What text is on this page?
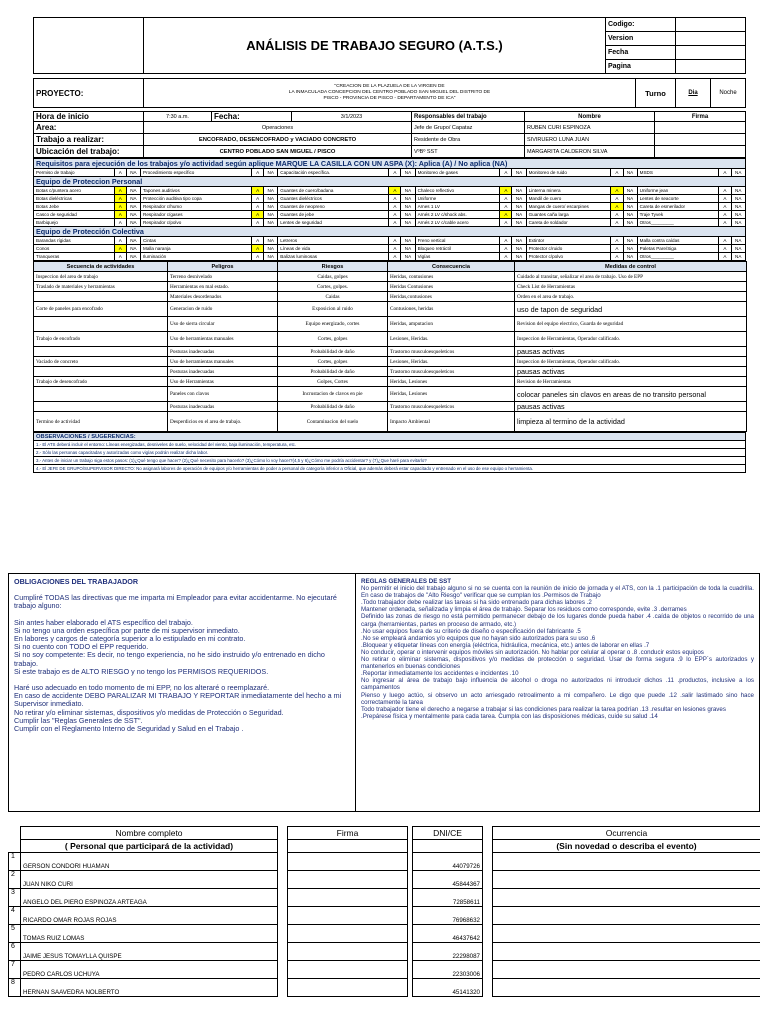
	ANÁLISIS DE TRABAJO SEGURO (A.T.S.)	Codigo:	
		Version	
		Fecha	
		Pagina	
PROYECTO:	
"CREACION DE LA PLAZUELA DE LA VIRGEN DE
LA INMACULADA CONCEPCION DEL CENTRO POBLADO SAN MIGUEL DEL DISTRITO DE
PISCO - PROVINCIA DE PISCO - DEPARTAMENTO DE ICA"
	Turno	Dia	Noche
Hora de inicio	7:30 a.m.	Fecha:	3/1/2023	Responsables del trabajo	Nombre	Firma
Area:	Operaciones			Jefe de Grupo/ Capataz	RUBEN CURI ESPINOZA	
Trabajo a realizar:	ENCOFRADO, DESENCOFRADO y VACIADO CONCRETO			Residente de Obra	SIVIRUERO LUNA JUAN	
Ubicación del trabajo:	CENTRO POBLADO SAN MIGUEL / PISCO			VºBº SST	MARGARITA CALDERON SILVA	
Requisitos para ejecución de los trabajos y/o actividad según aplique MARQUE LA CASILLA CON UN ASPA (X): Aplica (A) / No aplica (NA)																	
Permiso de trabajo	A	NA	Procedimiento específico	A	NA	Capacitación específica.	A	NA	Monitoreo de gases	A	NA	Monitoreo de ruido	A	NA	MSDS	A	NA
Equipo de Proteccion Personal																	
Botas c/puntera acero	A	NA	Tapones auditivos	A	NA	Guantes de cuero/badana	A	NA	Chaleco reflectivo	A	NA	Linterna minera	A	NA	Uniforme jean	A	NA
Botas dieléctricas	A	NA	Protección auditiva tipo copa	A	NA	Guantes dieléctricos	A	NA	Uniforme	A	NA	Mandil de cuero	A	NA	Lentes de seacorte	A	NA
Botas Jebe	A	NA	Respirador c/humo	A	NA	Guantes de neopreno	A	NA	Arnes 1 LV	A	NA	Mangas de cuero/ escarpines	A	NA	Careta de esmerilador	A	NA
Casco de seguridad	A	NA	Respirador c/gases	A	NA	Guantes de jebe	A	NA	Arnés 2 LV c/shock abs.	A	NA	Guantes caña larga	A	NA	Traje Tyvek	A	NA
Barbiquejo	A	NA	Respirador c/polvo	A	NA	Lentes de seguridad	A	NA	Arnés 2 LV c/cable acero	A	NA	Careta de soldador	A	NA	Otros_________	A	NA
Equipo de Protección Colectiva																	
Barandas rígidas	A	NA	Cintas	A	NA	Letreros	A	NA	Freno vertical	A	NA	Extintor	A	NA	Malla contra caídas	A	NA
Conos	A	NA	Malla naranja	A	NA	Líneas de vida	A	NA	Bloqueo retráctil	A	NA	Protector c/ruido	A	NA	Paletas Pare/Siga	A	NA
Tranqueras	A	NA	Iluminación	A	NA	Balizas luminosas	A	NA	Vigías	A	NA	Protector c/polvo	A	NA	Otros_________	A	NA
Secuencia de actividades	Peligros	Riesgos	Consecuencia	Medidas de control
Inspeccion del area de trabajo	Terreno desnivelado	Caidas, golpes	Heridas, contusiones	Cuidado al transitar, señalizar el area de trabajo. Uso de EPP
Traslado de materiales y herramientas	Herramientas en mal estado.	Cortes, golpes.	Heridas Contusiones	Check List de Herramientas
	Materiales desordenados	Caidas	Heridas,contusiones	Orden en el area de trabajo.
Corte de paneles para encofrado	Generacion de ruido	Exposicion al ruido	Contusiones, heridas	uso de tapon de seguridad
	Uso de sierra circular	Equipo energizado, cortes	Heridas, amputacion	Revision del equipo electrico, Guarda de seguridad
Trabajo de encofrado	Uso de herramientas manuales	Cortes, golpes	Lesiones, Heridas.	Inspeccion de Herramientas, Operador calificado.
	Posturas inadecuadas	Probabilidad de daño	Trastorno musculoesqueleticos	pausas activas
Vaciado de concreto	Uso de herramientas manuales	Cortes, golpes	Lesiones, Heridas.	Inspeccion de Herramientas, Operador calificado.
	Posturas inadecuadas	Probabilidad de daño	Trastorno musculoesqueleticos	pausas activas
Trabajo de desencofrado	Uso de Herramientas	Golpes, Cortes	Heridas, Lesiones	Revision de Herramientas
	Paneles con clavos	Incrustacion de clavos en pie	Heridas, Lesiones	colocar paneles sin clavos en areas de no transito personal
	Posturas inadecuadas	Probabilidad de daño	Trastorno musculoesqueleticos	pausas activas
Termino de actividad	Desperdicios en el area de trabajo.	Contaminacion del suelo	Impacto Ambiental	limpieza al termino de la actividad
OBSERVACIONES / SUGERENCIAS:
1.- El ATS deberá incluir el entorno: Líneas energizadas, desniveles de suelo, velocidad del viento, baja iluminación, temperatura, etc.
2.- Sólo las personas capacitadas y autorizadas como vigías podrán realizar dicha labor.
3.- Antes de iniciar un trabajo siga estos pasos: (1)¿Qué tengo que hacer? (2)¿Qué necesito para hacerlo? (3)¿Cómo lo voy hacer?(4,5 y 6)¿Cómo me podría accidentar? y (7)¿Que haré para evitarlo?
4.- El JEFE DE GRUPO/SUPERVISOR DIRECTO: No asignará labores de operación de equipos y/o herramientas de poder a personal de categoría inferior a Oficial, que además deberá estar capacitado y entrenado en el uso de ese equipo o herramienta.
OBLIGACIONES DEL TRABAJADOR
Cumpliré TODAS las directivas que me imparta mi Empleador para evitar accidentarme. No ejecutaré trabajo alguno:
Sin antes haber elaborado el ATS específico del trabajo.
Si no tengo una orden específica por parte de mi supervisor inmediato.
En labores y cargos de categoría superior a lo estipulado en mi contrato.
Si no cuento con TODO el EPP requerido.
Si no soy competente: Es decir, no tengo experiencia, no he sido instruido y/o entrenado en dicho trabajo.
Si este trabajo es de ALTO RIESGO y no tengo los PERMISOS REQUERIDOS.
Haré uso adecuado en todo momento de mi EPP, no los alteraré o reemplazaré.
En caso de accidente DEBO PARALIZAR MI TRABAJO Y REPORTAR inmediatamente del hecho a mi Supervisor inmediato.
No retirar y/o eliminar sistemas, dispositivos y/o medidas de Protección o Seguridad.
Cumplir las "Reglas Generales de SST".
Cumplir con el Reglamento Interno de Seguridad y Salud en el Trabajo .
REGLAS GENERALES DE SST
No permitir el inicio del trabajo alguno si no se cuenta con la reunión de inicio de jornada y el ATS, con la .1 participación de toda la cuadrilla. En caso de trabajos de "Alto Riesgo" verificar que se cumplan los .Permisos de Trabajo
.Todo trabajador debe realizar las tareas si ha sido entrenado para dichas labores .2
Mantener ordenada, señalizada y limpia el área de trabajo. Separar los residuos como corresponde, evite .3 .derrames
Definido las zonas de riesgo no está permitido permanecer debajo de los lugares donde pueda haber .4 .caída de objetos o recorrido de una carga (herramientas, partes en proceso de armado, etc.)
.No usar equipos fuera de su criterio de diseño o especificación del fabricante .5
.No se empleará andamios y/o equipos que no hayan sido autorizados para su uso .6
.Bloquear y etiquetar líneas con energía (eléctrica, hidráulica, mecánica, etc.) antes de laborar en ellas .7
No conducir, operar o intervenir equipos móviles sin autorización. No hablar por celular al operar o .8 .conducir estos equipos
No retirar o eliminar sistemas, dispositivos y/o medidas de protección o seguridad. Usar de forma segura .9 lo EPP´s autorizados y mantenerlos en buenas condiciones
.Reportar inmediatamente los accidentes e incidentes .10
No ingresar al área de trabajo bajo influencia de alcohol o droga no autorizados ni introducir dichos .11 .productos, inclusive a los campamentos
Pienso y luego actúo, si observo un acto arriesgado retroalimento a mi compañero. Le digo que puede .12 .salir lastimado sino hace correctamente la tarea
Todo trabajador tiene el derecho a negarse a trabajar si las condiciones para realizar la tarea podrían .13 .resultar en lesiones graves
.Prepárese física y mentalmente para cada tarea. Cumpla con las disposiciones médicas, cuide su salud .14
	Nombre completo		Firma		DNI/CE		Ocurrencia
	( Personal que participará de la actividad)						(Sin novedad o describa el evento)
1	GERSON CONDORI HUAMAN				44079726		
2	JUAN NIKO CURI				45844367		
3	ANGELO DEL PIERO ESPINOZA ARTEAGA				72858611		
4	RICARDO OMAR ROJAS ROJAS				76968632		
5	TOMAS RUIZ LOMAS				46437642		
6	JAIME JESUS TOMAYLLA QUISPE				22298087		
7	PEDRO CARLOS UCHUYA				22303006		
8	HERNAN SAAVEDRA NOLBERTO				45141320		
